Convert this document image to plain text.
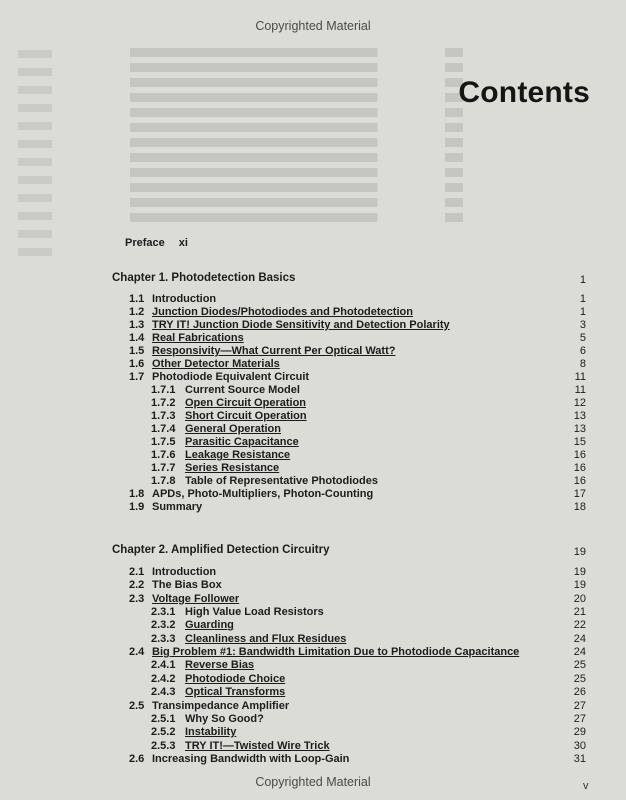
Copyrighted Material
Contents
Preface xi
Chapter 1. Photodetection Basics	1
1.1 Introduction	1
1.2 Junction Diodes/Photodiodes and Photodetection	1
1.3 TRY IT! Junction Diode Sensitivity and Detection Polarity	3
1.4 Real Fabrications	5
1.5 Responsivity—What Current Per Optical Watt?	6
1.6 Other Detector Materials	8
1.7 Photodiode Equivalent Circuit	11
1.7.1 Current Source Model	11
1.7.2 Open Circuit Operation	12
1.7.3 Short Circuit Operation	13
1.7.4 General Operation	13
1.7.5 Parasitic Capacitance	15
1.7.6 Leakage Resistance	16
1.7.7 Series Resistance	16
1.7.8 Table of Representative Photodiodes	16
1.8 APDs, Photo-Multipliers, Photon-Counting	17
1.9 Summary	18
Chapter 2. Amplified Detection Circuitry	19
2.1 Introduction	19
2.2 The Bias Box	19
2.3 Voltage Follower	20
2.3.1 High Value Load Resistors	21
2.3.2 Guarding	22
2.3.3 Cleanliness and Flux Residues	24
2.4 Big Problem #1: Bandwidth Limitation Due to Photodiode Capacitance	24
2.4.1 Reverse Bias	25
2.4.2 Photodiode Choice	25
2.4.3 Optical Transforms	26
2.5 Transimpedance Amplifier	27
2.5.1 Why So Good?	27
2.5.2 Instability	29
2.5.3 TRY IT!—Twisted Wire Trick	30
2.6 Increasing Bandwidth with Loop-Gain	31
Copyrighted Material	v
